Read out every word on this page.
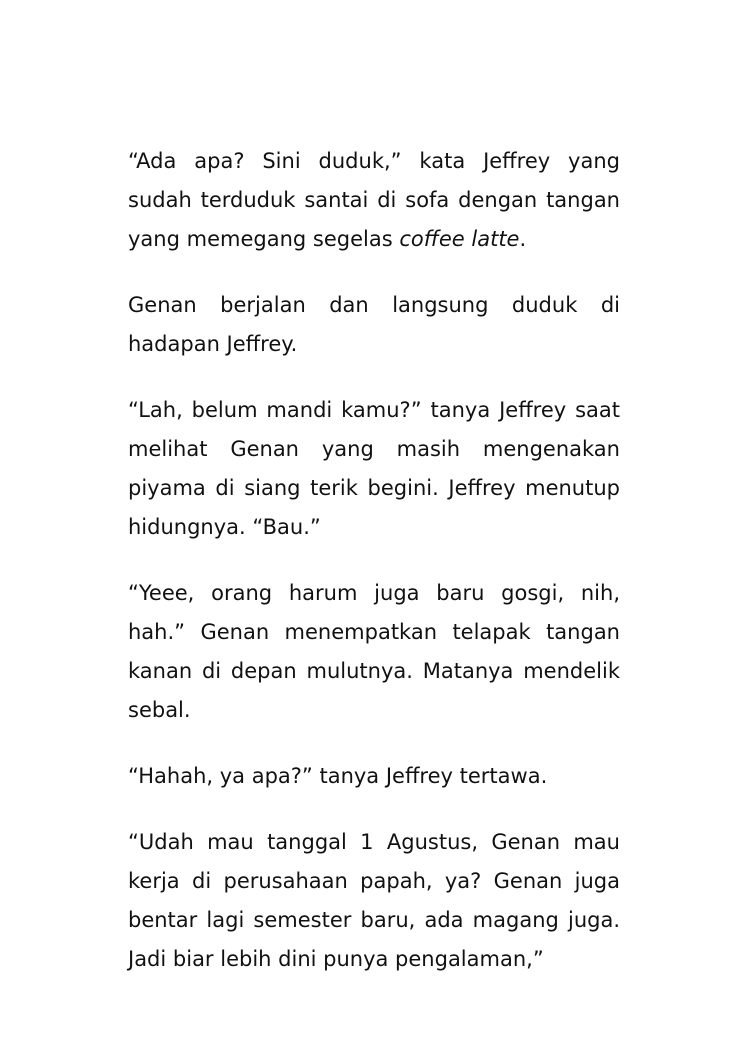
“Ada apa? Sini duduk,” kata Jeffrey yang sudah terduduk santai di sofa dengan tangan yang memegang segelas coffee latte.

Genan berjalan dan langsung duduk di hadapan Jeffrey.

“Lah, belum mandi kamu?” tanya Jeffrey saat melihat Genan yang masih mengenakan piyama di siang terik begini. Jeffrey menutup hidungnya. “Bau.”

“Yeee, orang harum juga baru gosgi, nih, hah.” Genan menempatkan telapak tangan kanan di depan mulutnya. Matanya mendelik sebal.

“Hahah, ya apa?” tanya Jeffrey tertawa.

“Udah mau tanggal 1 Agustus, Genan mau kerja di perusahaan papah, ya? Genan juga bentar lagi semester baru, ada magang juga. Jadi biar lebih dini punya pengalaman,”
